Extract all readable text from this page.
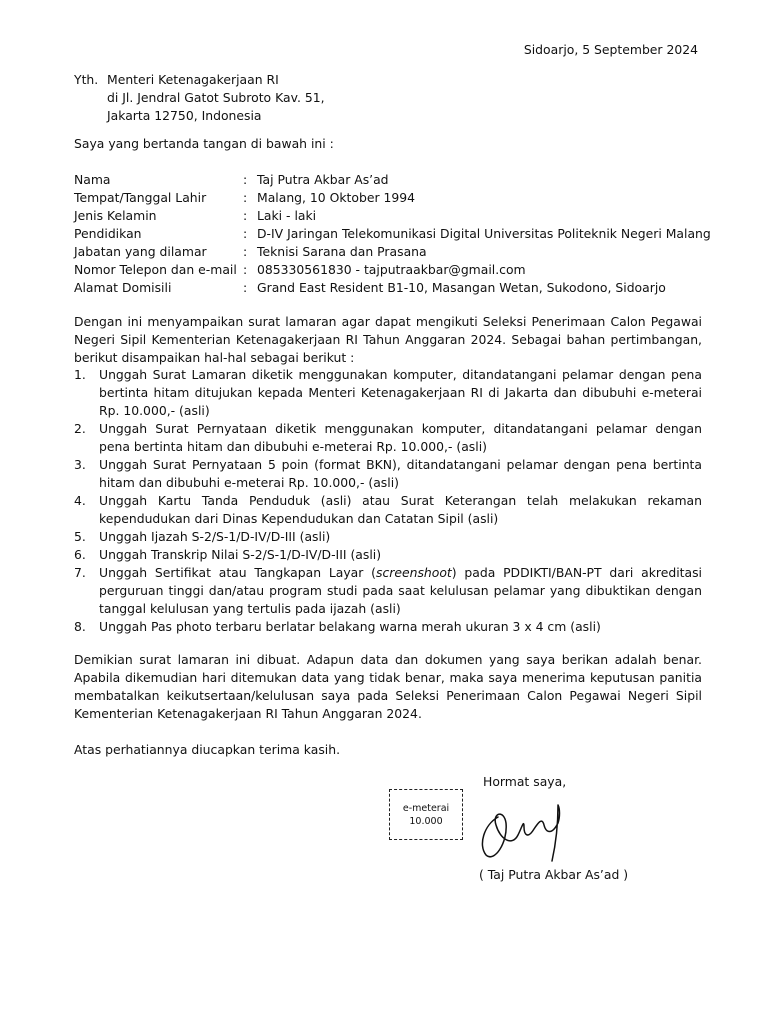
Sidoarjo, 5 September 2024
Yth. Menteri Ketenagakerjaan RI
di Jl. Jendral Gatot Subroto Kav. 51,
Jakarta 12750, Indonesia
Saya yang bertanda tangan di bawah ini :
Nama	: Taj Putra Akbar As’ad
Tempat/Tanggal Lahir	: Malang, 10 Oktober 1994
Jenis Kelamin	: Laki - laki
Pendidikan	: D-IV Jaringan Telekomunikasi Digital Universitas Politeknik Negeri Malang
Jabatan yang dilamar	: Teknisi Sarana dan Prasana
Nomor Telepon dan e-mail : 085330561830 - tajputraakbar@gmail.com
Alamat Domisili	: Grand East Resident B1-10, Masangan Wetan, Sukodono, Sidoarjo
Dengan ini menyampaikan surat lamaran agar dapat mengikuti Seleksi Penerimaan Calon Pegawai Negeri Sipil Kementerian Ketenagakerjaan RI Tahun Anggaran 2024. Sebagai bahan pertimbangan, berikut disampaikan hal-hal sebagai berikut :
1.	Unggah Surat Lamaran diketik menggunakan komputer, ditandatangani pelamar dengan pena bertinta hitam ditujukan kepada Menteri Ketenagakerjaan RI di Jakarta dan dibubuhi e-meterai Rp. 10.000,- (asli)
2.	Unggah Surat Pernyataan diketik menggunakan komputer, ditandatangani pelamar dengan pena bertinta hitam dan dibubuhi e-meterai Rp. 10.000,- (asli)
3.	Unggah Surat Pernyataan 5 poin (format BKN), ditandatangani pelamar dengan pena bertinta hitam dan dibubuhi e-meterai Rp. 10.000,- (asli)
4.	Unggah Kartu Tanda Penduduk (asli) atau Surat Keterangan telah melakukan rekaman kependudukan dari Dinas Kependudukan dan Catatan Sipil (asli)
5.	Unggah Ijazah S-2/S-1/D-IV/D-III (asli)
6.	Unggah Transkrip Nilai S-2/S-1/D-IV/D-III (asli)
7.	Unggah Sertifikat atau Tangkapan Layar (screenshoot) pada PDDIKTI/BAN-PT dari akreditasi perguruan tinggi dan/atau program studi pada saat kelulusan pelamar yang dibuktikan dengan tanggal kelulusan yang tertulis pada ijazah (asli)
8.	Unggah Pas photo terbaru berlatar belakang warna merah ukuran 3 x 4 cm (asli)
Demikian surat lamaran ini dibuat. Adapun data dan dokumen yang saya berikan adalah benar. Apabila dikemudian hari ditemukan data yang tidak benar, maka saya menerima keputusan panitia membatalkan keikutsertaan/kelulusan saya pada Seleksi Penerimaan Calon Pegawai Negeri Sipil Kementerian Ketenagakerjaan RI Tahun Anggaran 2024.
Atas perhatiannya diucapkan terima kasih.
Hormat saya,
e-meterai
10.000
( Taj Putra Akbar As’ad )
